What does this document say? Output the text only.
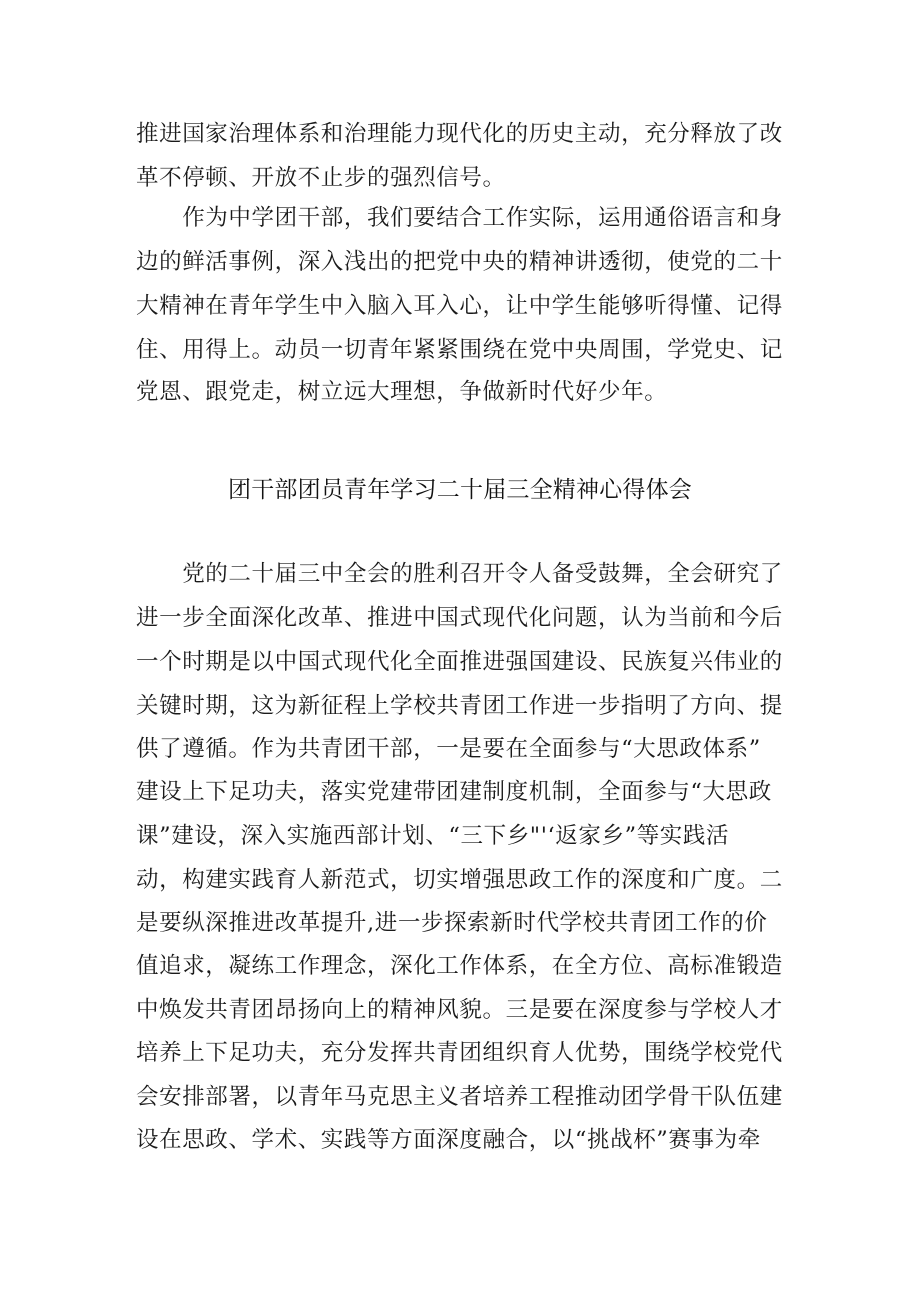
推进国家治理体系和治理能力现代化的历史主动，充分释放了改
革不停顿、开放不止步的强烈信号。
　　作为中学团干部，我们要结合工作实际，运用通俗语言和身
边的鲜活事例，深入浅出的把党中央的精神讲透彻，使党的二十
大精神在青年学生中入脑入耳入心，让中学生能够听得懂、记得
住、用得上。动员一切青年紧紧围绕在党中央周围，学党史、记
党恩、跟党走，树立远大理想，争做新时代好少年。
团干部团员青年学习二十届三全精神心得体会
　　党的二十届三中全会的胜利召开令人备受鼓舞，全会研究了
进一步全面深化改革、推进中国式现代化问题，认为当前和今后
一个时期是以中国式现代化全面推进强国建设、民族复兴伟业的
关键时期，这为新征程上学校共青团工作进一步指明了方向、提
供了遵循。作为共青团干部，一是要在全面参与“大思政体系”
建设上下足功夫，落实党建带团建制度机制，全面参与“大思政
课”建设，深入实施西部计划、“三下乡"'‘返家乡”等实践活
动，构建实践育人新范式，切实增强思政工作的深度和广度。二
是要纵深推进改革提升,进一步探索新时代学校共青团工作的价
值追求，凝练工作理念，深化工作体系，在全方位、高标准锻造
中焕发共青团昂扬向上的精神风貌。三是要在深度参与学校人才
培养上下足功夫，充分发挥共青团组织育人优势，围绕学校党代
会安排部署，以青年马克思主义者培养工程推动团学骨干队伍建
设在思政、学术、实践等方面深度融合，以“挑战杯”赛事为牵
